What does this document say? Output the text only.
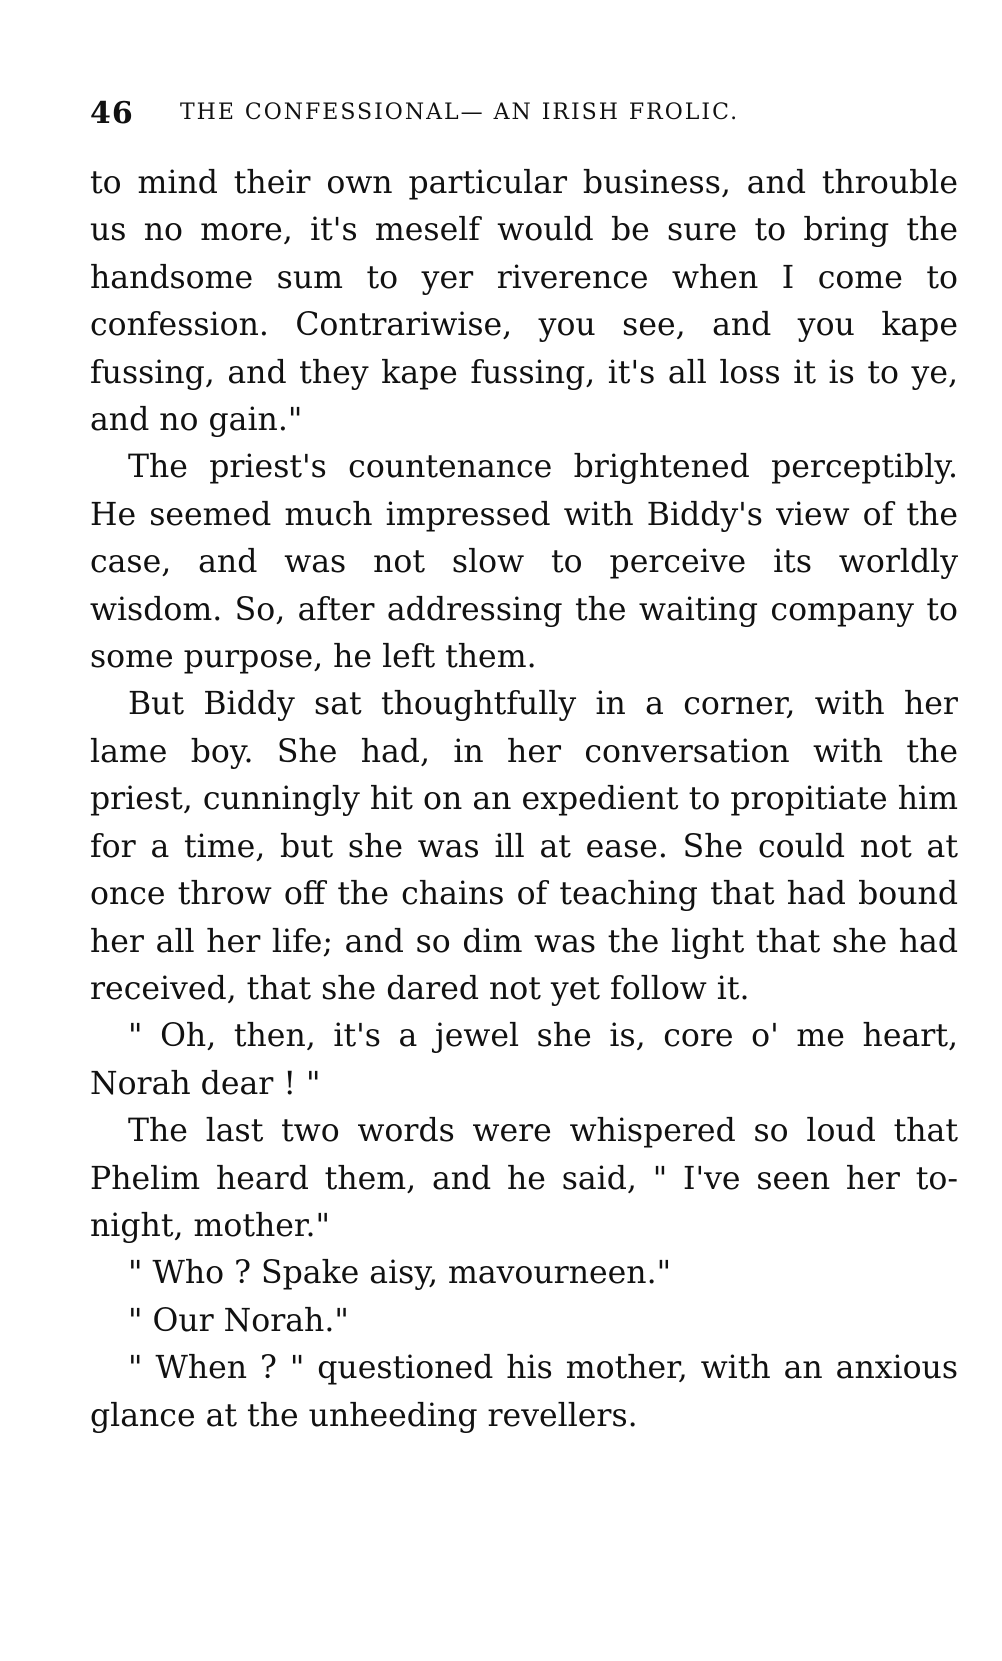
46 THE CONFESSIONAL— AN IRISH FROLIC.

to mind their own particular business, and throuble us no more, it's meself would be sure to bring the handsome sum to yer riverence when I come to confession. Contrariwise, you see, and you kape fussing, and they kape fussing, it's all loss it is to ye, and no gain."

The priest's countenance brightened perceptibly. He seemed much impressed with Biddy's view of the case, and was not slow to perceive its worldly wisdom. So, after addressing the waiting company to some purpose, he left them.

But Biddy sat thoughtfully in a corner, with her lame boy. She had, in her conversation with the priest, cunningly hit on an expedient to propitiate him for a time, but she was ill at ease. She could not at once throw off the chains of teaching that had bound her all her life; and so dim was the light that she had received, that she dared not yet follow it.

" Oh, then, it's a jewel she is, core o' me heart, Norah dear ! "

The last two words were whispered so loud that Phelim heard them, and he said, " I've seen her to-night, mother."

" Who ? Spake aisy, mavourneen."

" Our Norah."

" When ? " questioned his mother, with an anxious glance at the unheeding revellers.
